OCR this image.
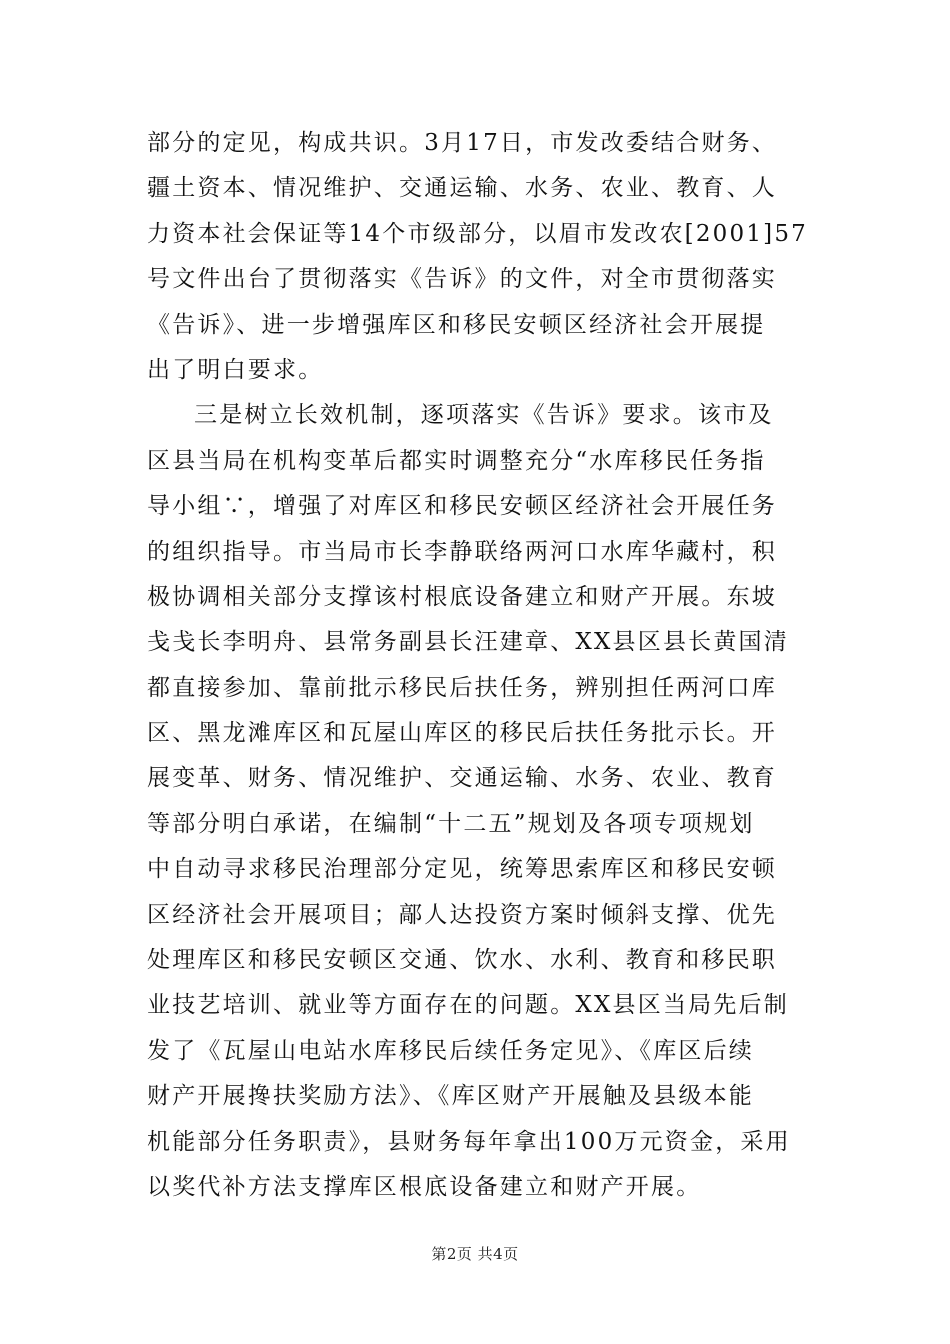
部分的定见，构成共识。3月17日，市发改委结合财务、
疆土资本、情况维护、交通运输、水务、农业、教育、人
力资本社会保证等14个市级部分，以眉市发改农[2001]57
号文件出台了贯彻落实《告诉》的文件，对全市贯彻落实
《告诉》、进一步增强库区和移民安顿区经济社会开展提
出了明白要求。
三是树立长效机制，逐项落实《告诉》要求。该市及
区县当局在机构变革后都实时调整充分“水库移民任务指
导小组∵，增强了对库区和移民安顿区经济社会开展任务
的组织指导。市当局市长李静联络两河口水库华藏村，积
极协调相关部分支撑该村根底设备建立和财产开展。东坡
戋戋长李明舟、县常务副县长汪建章、XX县区县长黄国清
都直接参加、靠前批示移民后扶任务，辨别担任两河口库
区、黑龙滩库区和瓦屋山库区的移民后扶任务批示长。开
展变革、财务、情况维护、交通运输、水务、农业、教育
等部分明白承诺，在编制“十二五”规划及各项专项规划
中自动寻求移民治理部分定见，统筹思索库区和移民安顿
区经济社会开展项目；鄗人达投资方案时倾斜支撑、优先
处理库区和移民安顿区交通、饮水、水利、教育和移民职
业技艺培训、就业等方面存在的问题。XX县区当局先后制
发了《瓦屋山电站水库移民后续任务定见》、《库区后续
财产开展搀扶奖励方法》、《库区财产开展触及县级本能
机能部分任务职责》，县财务每年拿出100万元资金，采用
以奖代补方法支撑库区根底设备建立和财产开展。
第2页 共4页
